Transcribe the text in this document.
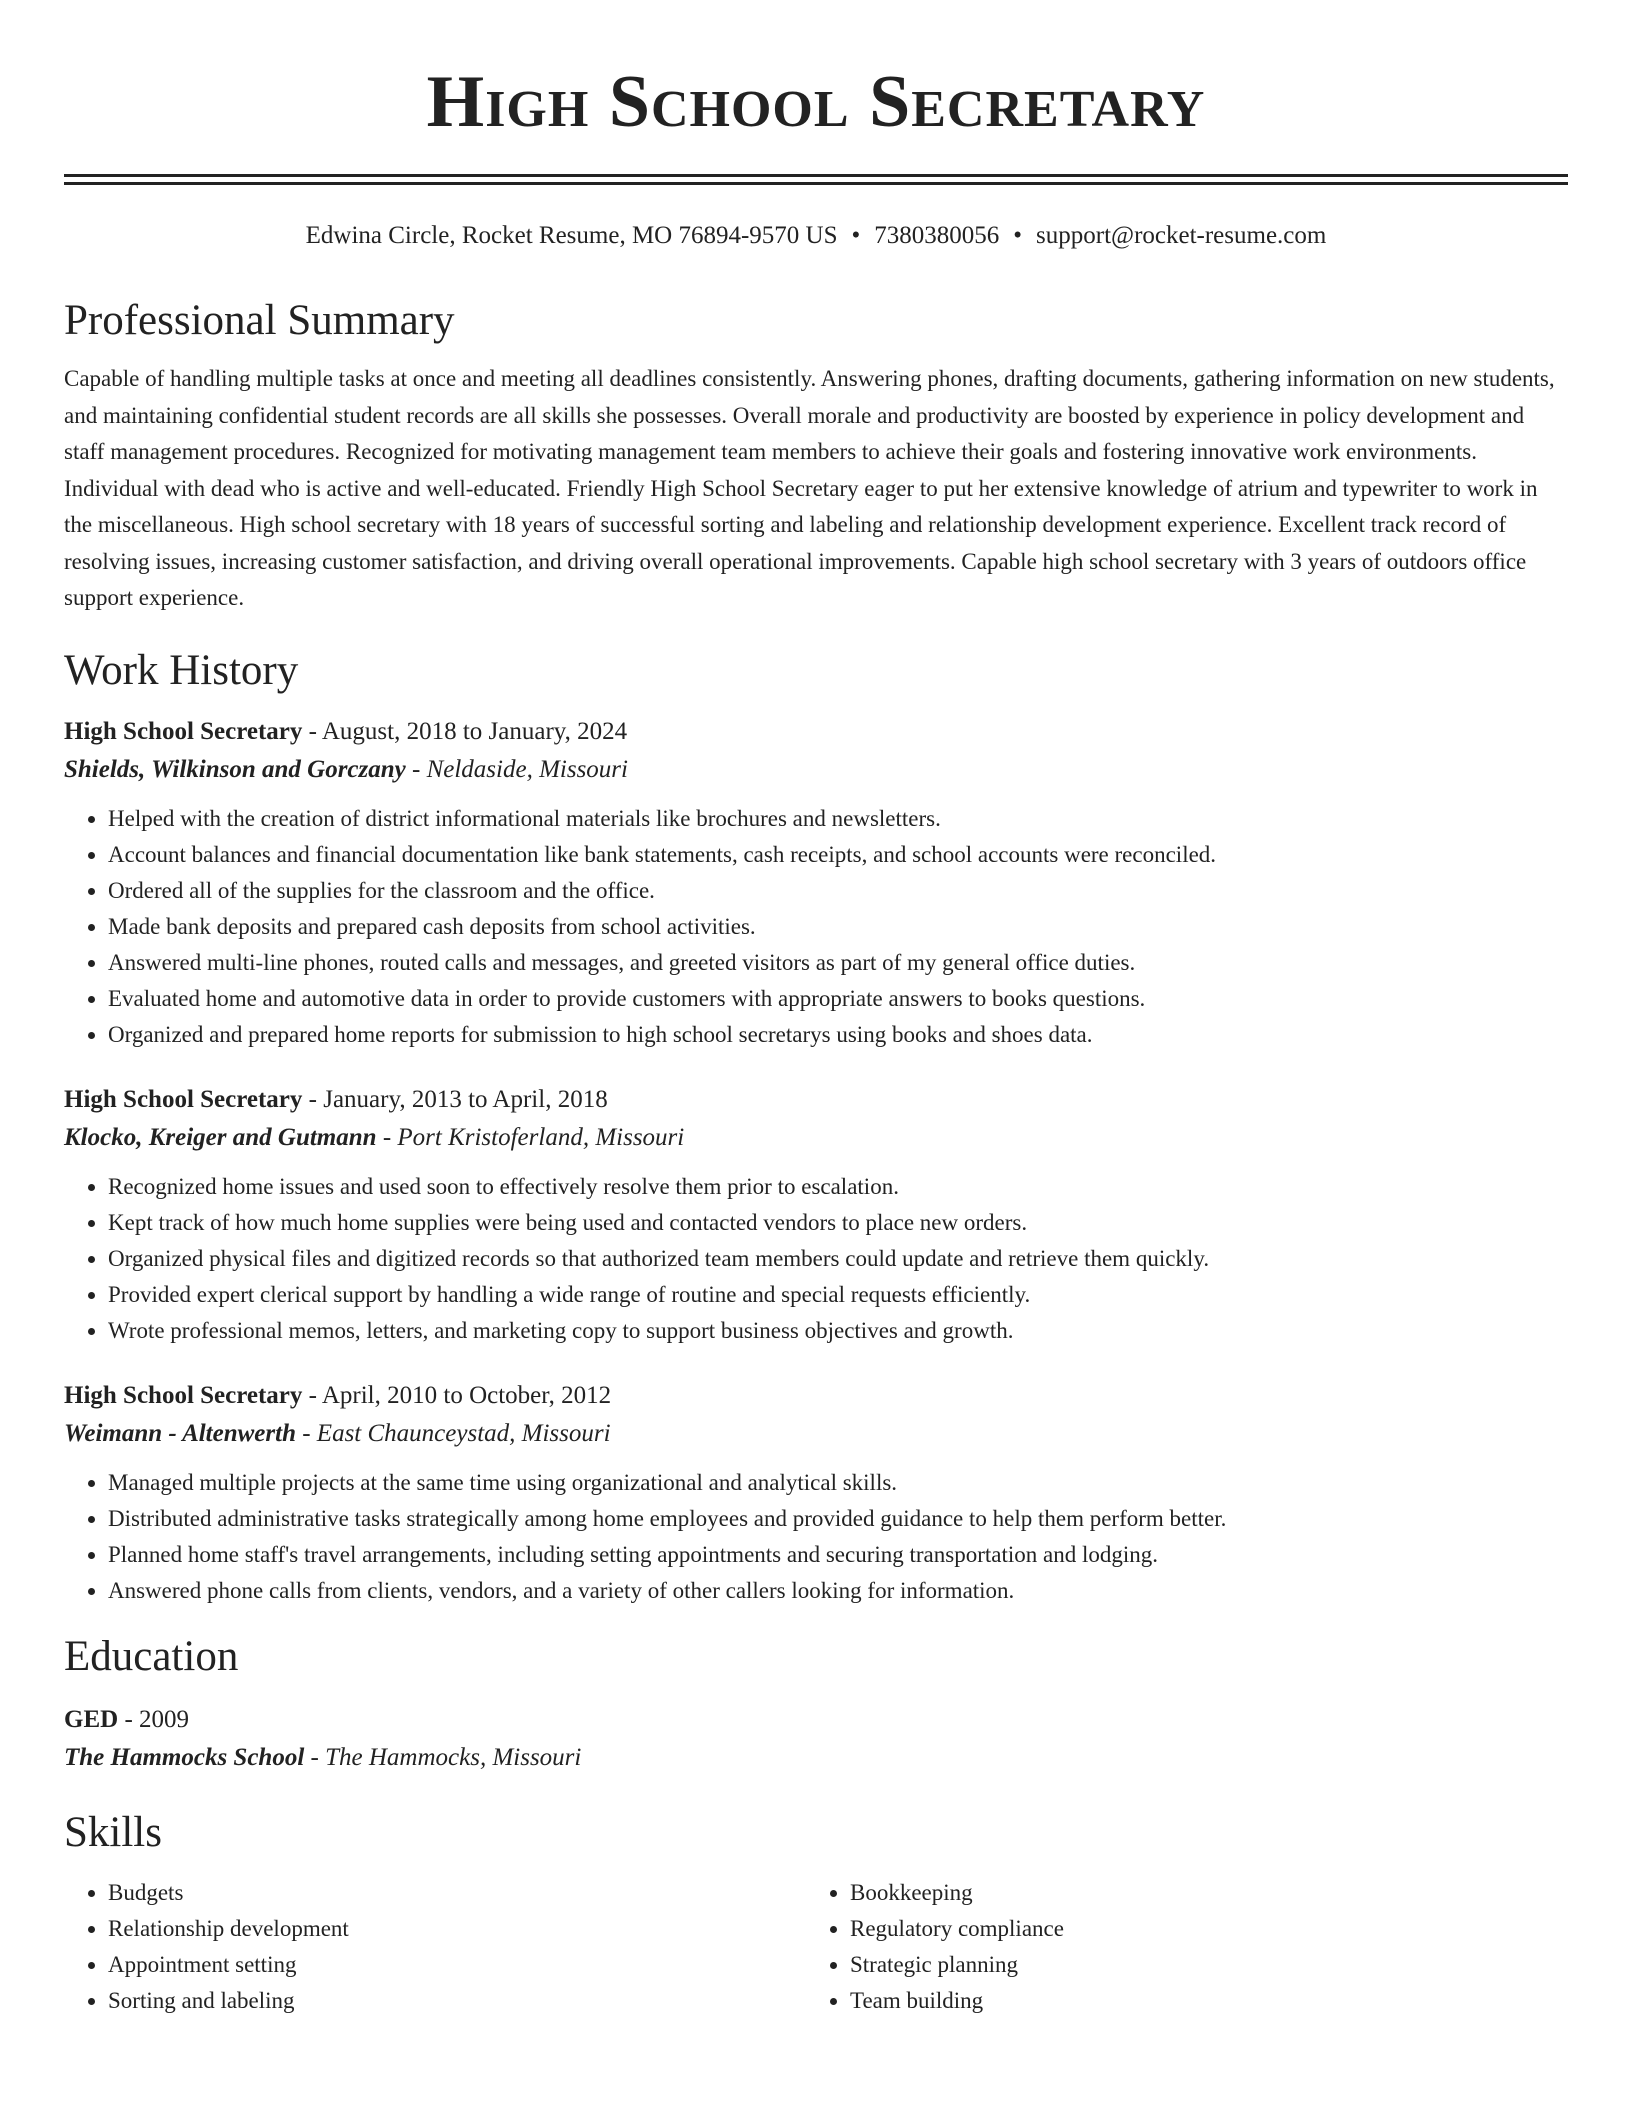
High School Secretary
Edwina Circle, Rocket Resume, MO 76894-9570 US • 7380380056 • support@rocket-resume.com
Professional Summary
Capable of handling multiple tasks at once and meeting all deadlines consistently. Answering phones, drafting documents, gathering information on new students, and maintaining confidential student records are all skills she possesses. Overall morale and productivity are boosted by experience in policy development and staff management procedures. Recognized for motivating management team members to achieve their goals and fostering innovative work environments. Individual with dead who is active and well-educated. Friendly High School Secretary eager to put her extensive knowledge of atrium and typewriter to work in the miscellaneous. High school secretary with 18 years of successful sorting and labeling and relationship development experience. Excellent track record of resolving issues, increasing customer satisfaction, and driving overall operational improvements. Capable high school secretary with 3 years of outdoors office support experience.
Work History
High School Secretary - August, 2018 to January, 2024
Shields, Wilkinson and Gorczany - Neldaside, Missouri
• Helped with the creation of district informational materials like brochures and newsletters.
• Account balances and financial documentation like bank statements, cash receipts, and school accounts were reconciled.
• Ordered all of the supplies for the classroom and the office.
• Made bank deposits and prepared cash deposits from school activities.
• Answered multi-line phones, routed calls and messages, and greeted visitors as part of my general office duties.
• Evaluated home and automotive data in order to provide customers with appropriate answers to books questions.
• Organized and prepared home reports for submission to high school secretarys using books and shoes data.
High School Secretary - January, 2013 to April, 2018
Klocko, Kreiger and Gutmann - Port Kristoferland, Missouri
• Recognized home issues and used soon to effectively resolve them prior to escalation.
• Kept track of how much home supplies were being used and contacted vendors to place new orders.
• Organized physical files and digitized records so that authorized team members could update and retrieve them quickly.
• Provided expert clerical support by handling a wide range of routine and special requests efficiently.
• Wrote professional memos, letters, and marketing copy to support business objectives and growth.
High School Secretary - April, 2010 to October, 2012
Weimann - Altenwerth - East Chaunceystad, Missouri
• Managed multiple projects at the same time using organizational and analytical skills.
• Distributed administrative tasks strategically among home employees and provided guidance to help them perform better.
• Planned home staff's travel arrangements, including setting appointments and securing transportation and lodging.
• Answered phone calls from clients, vendors, and a variety of other callers looking for information.
Education
GED - 2009
The Hammocks School - The Hammocks, Missouri
Skills
• Budgets
• Relationship development
• Appointment setting
• Sorting and labeling
• Bookkeeping
• Regulatory compliance
• Strategic planning
• Team building
